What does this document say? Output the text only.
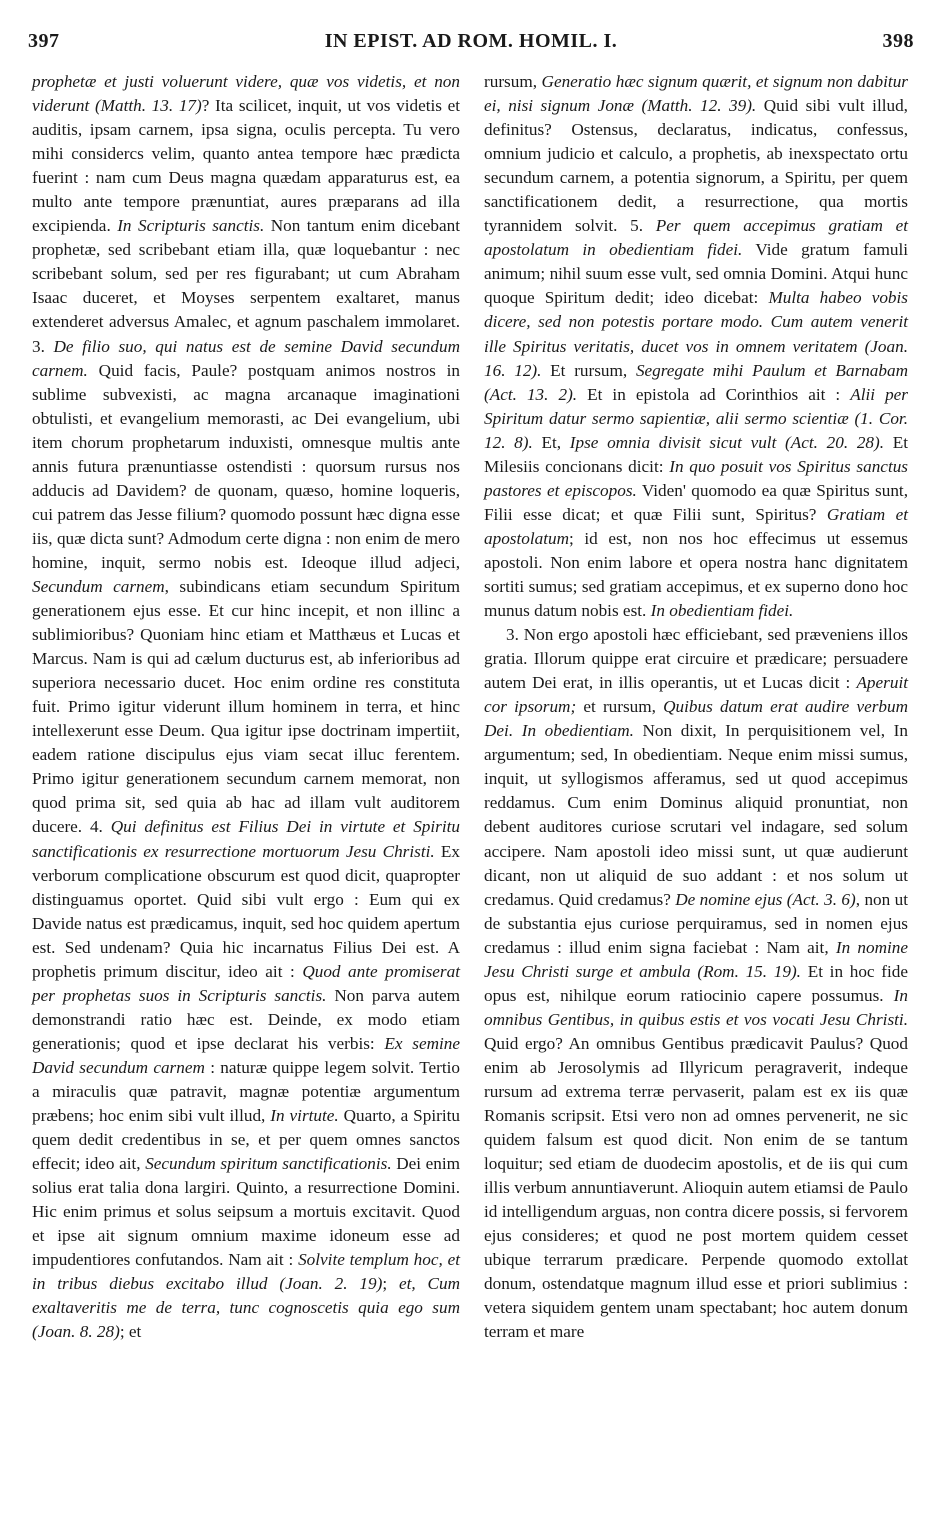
397	IN EPIST. AD ROM. HOMIL. I.	398

prophetæ et justi voluerunt videre, quæ vos videtis, et non viderunt (Matth. 13. 17)? Ita scilicet, inquit, ut vos videtis et auditis, ipsam carnem, ipsa signa, oculis percepta. Tu vero mihi considercs velim, quanto antea tempore hæc prædicta fuerint : nam cum Deus magna quædam apparaturus est, ea multo ante tempore prænuntiat, aures præparans ad illa excipienda. In Scripturis sanctis. Non tantum enim dicebant prophetæ, sed scribebant etiam illa, quæ loquebantur : nec scribebant solum, sed per res figurabant; ut cum Abraham Isaac duceret, et Moyses serpentem exaltaret, manus extenderet adversus Amalec, et agnum paschalem immolaret. 3. De filio suo, qui natus est de semine David secundum carnem. Quid facis, Paule? postquam animos nostros in sublime subvexisti, ac magna arcanaque imaginationi obtulisti, et evangelium memorasti, ac Dei evangelium, ubi item chorum prophetarum induxisti, omnesque multis ante annis futura prænuntiasse ostendisti : quorsum rursus nos adducis ad Davidem? de quonam, quæso, homine loqueris, cui patrem das Jesse filium? quomodo possunt hæc digna esse iis, quæ dicta sunt? Admodum certe digna : non enim de mero homine, inquit, sermo nobis est. Ideoque illud adjeci, Secundum carnem, subindicans etiam secundum Spiritum generationem ejus esse. Et cur hinc incepit, et non illinc a sublimioribus? Quoniam hinc etiam et Matthæus et Lucas et Marcus. Nam is qui ad cælum ducturus est, ab inferioribus ad superiora necessario ducet. Hoc enim ordine res constituta fuit. Primo igitur viderunt illum hominem in terra, et hinc intellexerunt esse Deum. Qua igitur ipse doctrinam impertiit, eadem ratione discipulus ejus viam secat illuc ferentem. Primo igitur generationem secundum carnem memorat, non quod prima sit, sed quia ab hac ad illam vult auditorem ducere. 4. Qui definitus est Filius Dei in virtute et Spiritu sanctificationis ex resurrectione mortuorum Jesu Christi. Ex verborum complicatione obscurum est quod dicit, quapropter distinguamus oportet. Quid sibi vult ergo : Eum qui ex Davide natus est prædicamus, inquit, sed hoc quidem apertum est. Sed undenam? Quia hic incarnatus Filius Dei est. A prophetis primum discitur, ideo ait : Quod ante promiserat per prophetas suos in Scripturis sanctis. Non parva autem demonstrandi ratio hæc est. Deinde, ex modo etiam generationis; quod et ipse declarat his verbis: Ex semine David secundum carnem : naturæ quippe legem solvit. Tertio a miraculis quæ patravit, magnæ potentiæ argumentum præbens; hoc enim sibi vult illud, In virtute. Quarto, a Spiritu quem dedit credentibus in se, et per quem omnes sanctos effecit; ideo ait, Secundum spiritum sanctificationis. Dei enim solius erat talia dona largiri. Quinto, a resurrectione Domini. Hic enim primus et solus seipsum a mortuis excitavit. Quod et ipse ait signum omnium maxime idoneum esse ad impudentiores confutandos. Nam ait : Solvite templum hoc, et in tribus diebus excitabo illud (Joan. 2. 19); et, Cum exaltaveritis me de terra, tunc cognoscetis quia ego sum (Joan. 8. 28); et

rursum, Generatio hæc signum quærit, et signum non dabitur ei, nisi signum Jonæ (Matth. 12. 39). Quid sibi vult illud, definitus? Ostensus, declaratus, indicatus, confessus, omnium judicio et calculo, a prophetis, ab inexspectato ortu secundum carnem, a potentia signorum, a Spiritu, per quem sanctificationem dedit, a resurrectione, qua mortis tyrannidem solvit. 5. Per quem accepimus gratiam et apostolatum in obedientiam fidei. Vide gratum famuli animum; nihil suum esse vult, sed omnia Domini. Atqui hunc quoque Spiritum dedit; ideo dicebat: Multa habeo vobis dicere, sed non potestis portare modo. Cum autem venerit ille Spiritus veritatis, ducet vos in omnem veritatem (Joan. 16. 12). Et rursum, Segregate mihi Paulum et Barnabam (Act. 13. 2). Et in epistola ad Corinthios ait : Alii per Spiritum datur sermo sapientiæ, alii sermo scientiæ (1. Cor. 12. 8). Et, Ipse omnia divisit sicut vult (Act. 20. 28). Et Milesiis concionans dicit: In quo posuit vos Spiritus sanctus pastores et episcopos. Viden' quomodo ea quæ Spiritus sunt, Filii esse dicat; et quæ Filii sunt, Spiritus? Gratiam et apostolatum; id est, non nos hoc effecimus ut essemus apostoli. Non enim labore et opera nostra hanc dignitatem sortiti sumus; sed gratiam accepimus, et ex superno dono hoc munus datum nobis est. In obedientiam fidei.

3. Non ergo apostoli hæc efficiebant, sed præveniens illos gratia. Illorum quippe erat circuire et prædicare; persuadere autem Dei erat, in illis operantis, ut et Lucas dicit : Aperuit cor ipsorum; et rursum, Quibus datum erat audire verbum Dei. In obedientiam. Non dixit, In perquisitionem vel, In argumentum; sed, In obedientiam. Neque enim missi sumus, inquit, ut syllogismos afferamus, sed ut quod accepimus reddamus. Cum enim Dominus aliquid pronuntiat, non debent auditores curiose scrutari vel indagare, sed solum accipere. Nam apostoli ideo missi sunt, ut quæ audierunt dicant, non ut aliquid de suo addant : et nos solum ut credamus. Quid credamus? De nomine ejus (Act. 3. 6), non ut de substantia ejus curiose perquiramus, sed in nomen ejus credamus : illud enim signa faciebat : Nam ait, In nomine Jesu Christi surge et ambula (Rom. 15. 19). Et in hoc fide opus est, nihilque eorum ratiocinio capere possumus. In omnibus Gentibus, in quibus estis et vos vocati Jesu Christi. Quid ergo? An omnibus Gentibus prædicavit Paulus? Quod enim ab Jerosolymis ad Illyricum peragraverit, indeque rursum ad extrema terræ pervaserit, palam est ex iis quæ Romanis scripsit. Etsi vero non ad omnes pervenerit, ne sic quidem falsum est quod dicit. Non enim de se tantum loquitur; sed etiam de duodecim apostolis, et de iis qui cum illis verbum annuntiaverunt. Alioquin autem etiamsi de Paulo id intelligendum arguas, non contra dicere possis, si fervorem ejus consideres; et quod ne post mortem quidem cesset ubique terrarum prædicare. Perpende quomodo extollat donum, ostendatque magnum illud esse et priori sublimius : vetera siquidem gentem unam spectabant; hoc autem donum terram et mare
